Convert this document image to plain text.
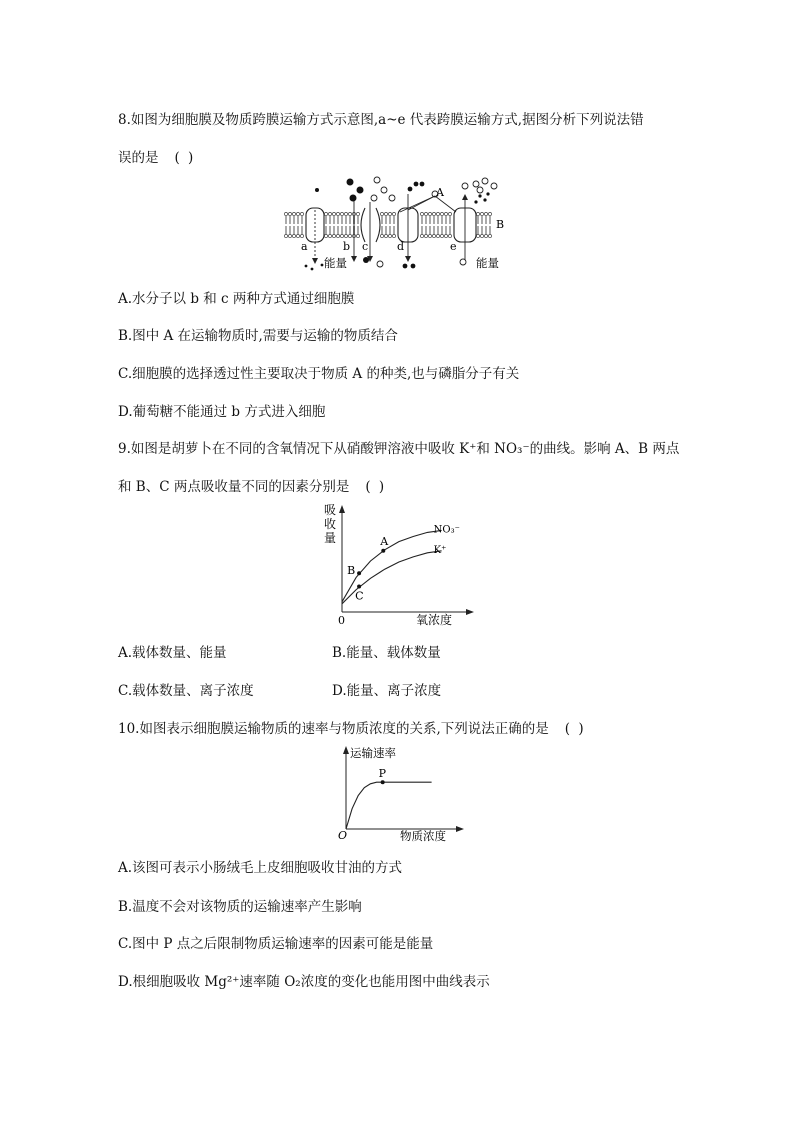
8.如图为细胞膜及物质跨膜运输方式示意图,a~e 代表跨膜运输方式,据图分析下列说法错
误的是 ( )
a	b c	d	e
A
B
能量	能量
A.水分子以 b 和 c 两种方式通过细胞膜
B.图中 A 在运输物质时,需要与运输的物质结合
C.细胞膜的选择透过性主要取决于物质 A 的种类,也与磷脂分子有关
D.葡萄糖不能通过 b 方式进入细胞
9.如图是胡萝卜在不同的含氧情况下从硝酸钾溶液中吸收 K⁺和 NO₃⁻的曲线。影响 A、B 两点
和 B、C 两点吸收量不同的因素分别是 ( )
吸
收
量
0	氧浓度
NO₃⁻
K⁺
A
B
C
A.载体数量、能量	B.能量、载体数量
C.载体数量、离子浓度	D.能量、离子浓度
10.如图表示细胞膜运输物质的速率与物质浓度的关系,下列说法正确的是 ( )
运输速率
O	物质浓度
P
A.该图可表示小肠绒毛上皮细胞吸收甘油的方式
B.温度不会对该物质的运输速率产生影响
C.图中 P 点之后限制物质运输速率的因素可能是能量
D.根细胞吸收 Mg²⁺速率随 O₂浓度的变化也能用图中曲线表示
